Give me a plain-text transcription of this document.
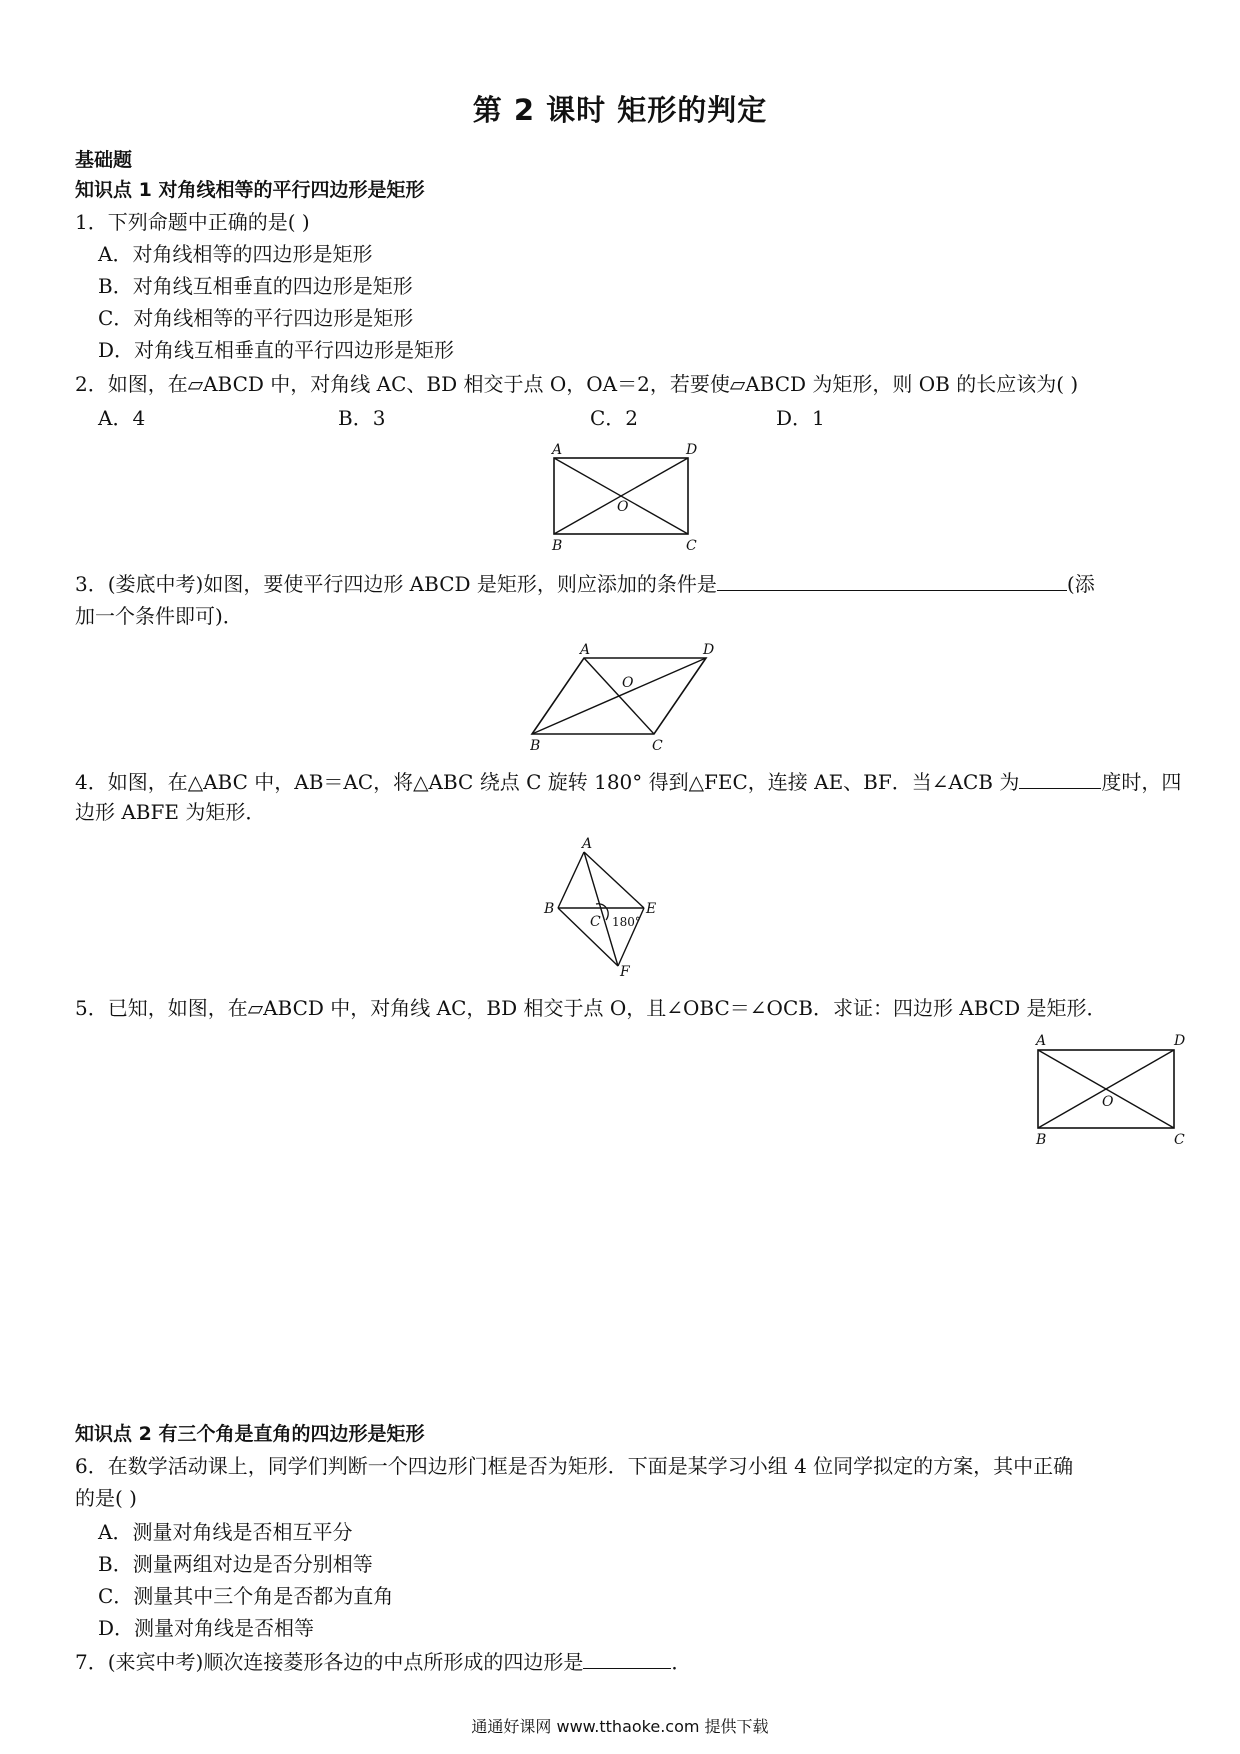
第 2 课时 矩形的判定
基础题
知识点 1 对角线相等的平行四边形是矩形
1．下列命题中正确的是( )
A．对角线相等的四边形是矩形
B．对角线互相垂直的四边形是矩形
C．对角线相等的平行四边形是矩形
D．对角线互相垂直的平行四边形是矩形
2．如图，在▱ABCD 中，对角线 AC、BD 相交于点 O，OA＝2，若要使▱ABCD 为矩形，则 OB 的长应该为( )
A．4	B．3	C．2	D．1
A	D
B	C
O
3．(娄底中考)如图，要使平行四边形 ABCD 是矩形，则应添加的条件是	(添
加一个条件即可)．
A	D
B	C
O
4．如图，在△ABC 中，AB＝AC，将△ABC 绕点 C 旋转 180° 得到△FEC，连接 AE、BF．当∠ACB 为	度时，四
边形 ABFE 为矩形．
A
B	E
C
F
180°
5．已知，如图，在▱ABCD 中，对角线 AC，BD 相交于点 O，且∠OBC＝∠OCB．求证：四边形 ABCD 是矩形．
A	D
B	C
O
知识点 2 有三个角是直角的四边形是矩形
6．在数学活动课上，同学们判断一个四边形门框是否为矩形．下面是某学习小组 4 位同学拟定的方案，其中正确
的是( )
A．测量对角线是否相互平分
B．测量两组对边是否分别相等
C．测量其中三个角是否都为直角
D．测量对角线是否相等
7．(来宾中考)顺次连接菱形各边的中点所形成的四边形是	．
通通好课网 www.tthaoke.com 提供下载
